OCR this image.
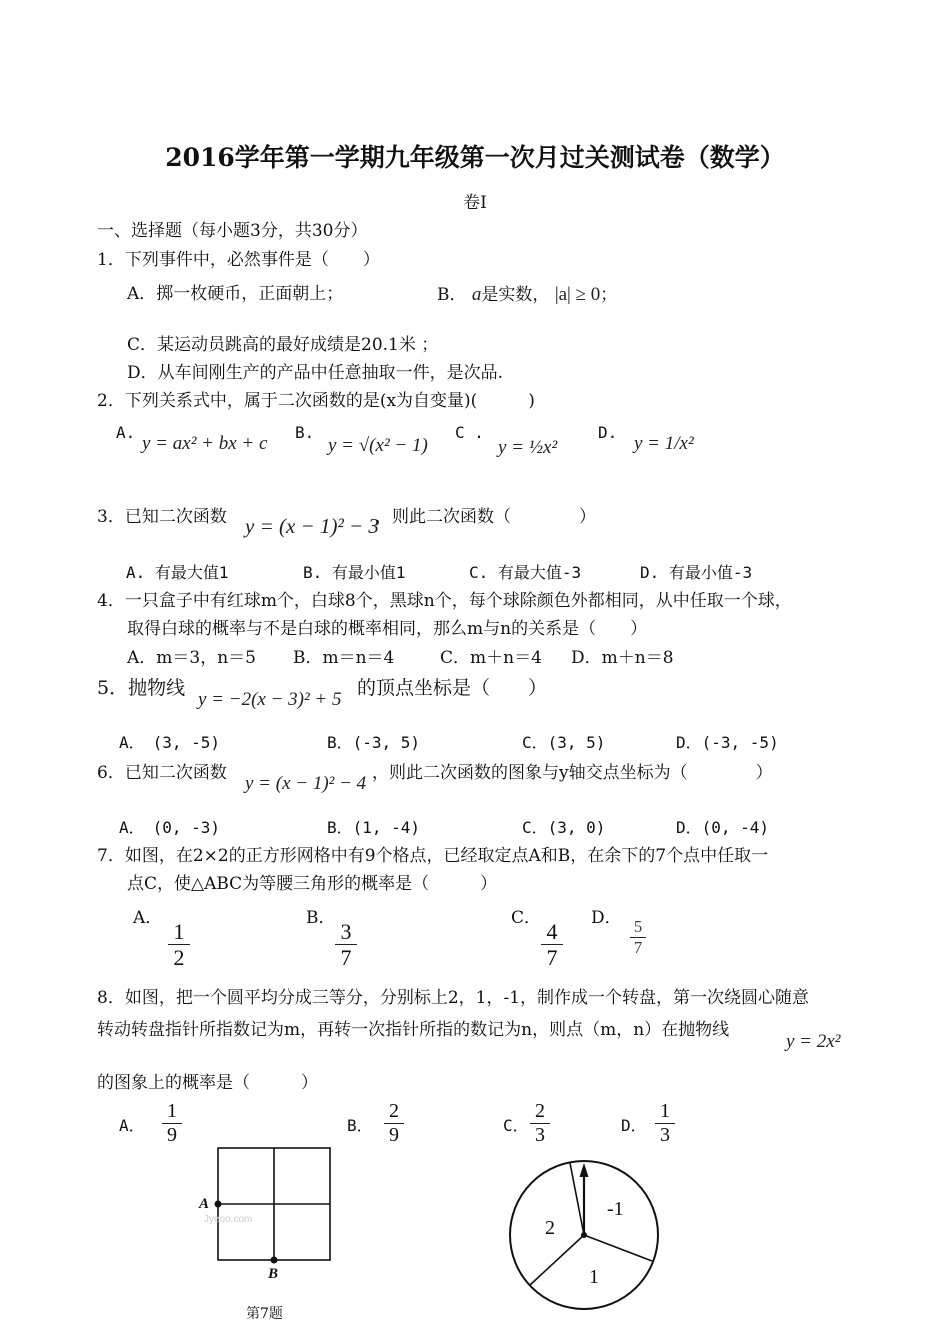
2016学年第一学期九年级第一次月过关测试卷（数学）
卷I
一、选择题（每小题3分，共30分）
1．下列事件中，必然事件是（　　）
A．掷一枚硬币，正面朝上；	B． a是实数， |a| ≥ 0；
C．某运动员跳高的最好成绩是20.1米 ；
D．从车间刚生产的产品中任意抽取一件，是次品.
2．下列关系式中，属于二次函数的是(x为自变量)(　　　)
A.
y = ax² + bx + c
B.
y = √(x² − 1)
C .
y = ½x²
D.
y = 1/x²
3．已知二次函数 y = (x − 1)² − 3
，则此二次函数（　　　　）
A. 有最大值1	B. 有最小值1	C. 有最大值-3	D. 有最小值-3
4．一只盒子中有红球m个，白球8个，黑球n个，每个球除颜色外都相同，从中任取一个球，
取得白球的概率与不是白球的概率相同，那么m与n的关系是（　　）
A．m＝3，n＝5 B．m＝n＝4	C．m＋n＝4 D．m＋n＝8
5．抛物线
y = −2(x − 3)² + 5
的顶点坐标是（　　）
A．　(3, -5)	B．(-3, 5)	C．(3, 5)	D．(-3, -5)
6．已知二次函数 y = (x − 1)² − 4 ，则此二次函数的图象与y轴交点坐标为（　　　　）
A．　(0, -3)	B．(1, -4)	C．(3, 0)	D．(0, -4)
7．如图，在2×2的正方形网格中有9个格点，已经取定点A和B，在余下的7个点中任取一
点C，使△ABC为等腰三角形的概率是（　　　）
A．
1
2
B．
3
7
C．
4
7
D． 5
7
8．如图，把一个圆平均分成三等分，分别标上2，1，-1，制作成一个转盘，第一次绕圆心随意
转动转盘指针所指数记为m，再转一次指针所指的数记为n，则点（m，n）在抛物线
y = 2x²
的图象上的概率是（　　　）
A．
1
9	B．
2
9	C．
2
3	D．
1
3
A
B
Jyeoo.com
第7题
2
-1
1
